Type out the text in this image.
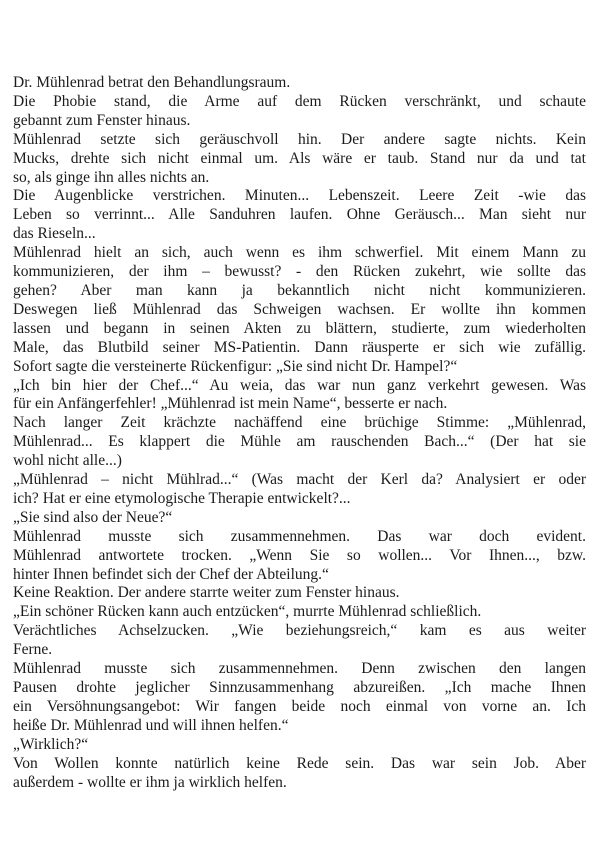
Dr. Mühlenrad betrat den Behandlungsraum.

Die Phobie stand, die Arme auf dem Rücken verschränkt, und schaute
gebannt zum Fenster hinaus.

Mühlenrad setzte sich geräuschvoll hin. Der andere sagte nichts. Kein
Mucks, drehte sich nicht einmal um. Als wäre er taub. Stand nur da und tat
so, als ginge ihn alles nichts an.

Die Augenblicke verstrichen. Minuten... Lebenszeit. Leere Zeit -wie das
Leben so verrinnt... Alle Sanduhren laufen. Ohne Geräusch... Man sieht nur
das Rieseln...

Mühlenrad hielt an sich, auch wenn es ihm schwerfiel. Mit einem Mann zu
kommunizieren, der ihm – bewusst? - den Rücken zukehrt, wie sollte das
gehen? Aber man kann ja bekanntlich nicht nicht kommunizieren.
Deswegen ließ Mühlenrad das Schweigen wachsen. Er wollte ihn kommen
lassen und begann in seinen Akten zu blättern, studierte, zum wiederholten
Male, das Blutbild seiner MS-Patientin. Dann räusperte er sich wie zufällig.
Sofort sagte die versteinerte Rückenfigur: „Sie sind nicht Dr. Hampel?“

„Ich bin hier der Chef...“ Au weia, das war nun ganz verkehrt gewesen. Was
für ein Anfängerfehler! „Mühlenrad ist mein Name“, besserte er nach.

Nach langer Zeit krächzte nachäffend eine brüchige Stimme: „Mühlenrad,
Mühlenrad... Es klappert die Mühle am rauschenden Bach...“ (Der hat sie
wohl nicht alle...)

„Mühlenrad – nicht Mühlrad...“ (Was macht der Kerl da? Analysiert er oder
ich? Hat er eine etymologische Therapie entwickelt?...

„Sie sind also der Neue?“

Mühlenrad musste sich zusammennehmen. Das war doch evident.
Mühlenrad antwortete trocken. „Wenn Sie so wollen... Vor Ihnen..., bzw.
hinter Ihnen befindet sich der Chef der Abteilung.“

Keine Reaktion. Der andere starrte weiter zum Fenster hinaus.

„Ein schöner Rücken kann auch entzücken“, murrte Mühlenrad schließlich.

Verächtliches Achselzucken. „Wie beziehungsreich,“ kam es aus weiter
Ferne.

Mühlenrad musste sich zusammennehmen. Denn zwischen den langen
Pausen drohte jeglicher Sinnzusammenhang abzureißen. „Ich mache Ihnen
ein Versöhnungsangebot: Wir fangen beide noch einmal von vorne an. Ich
heiße Dr. Mühlenrad und will ihnen helfen.“

„Wirklich?“

Von Wollen konnte natürlich keine Rede sein. Das war sein Job. Aber
außerdem - wollte er ihm ja wirklich helfen.
